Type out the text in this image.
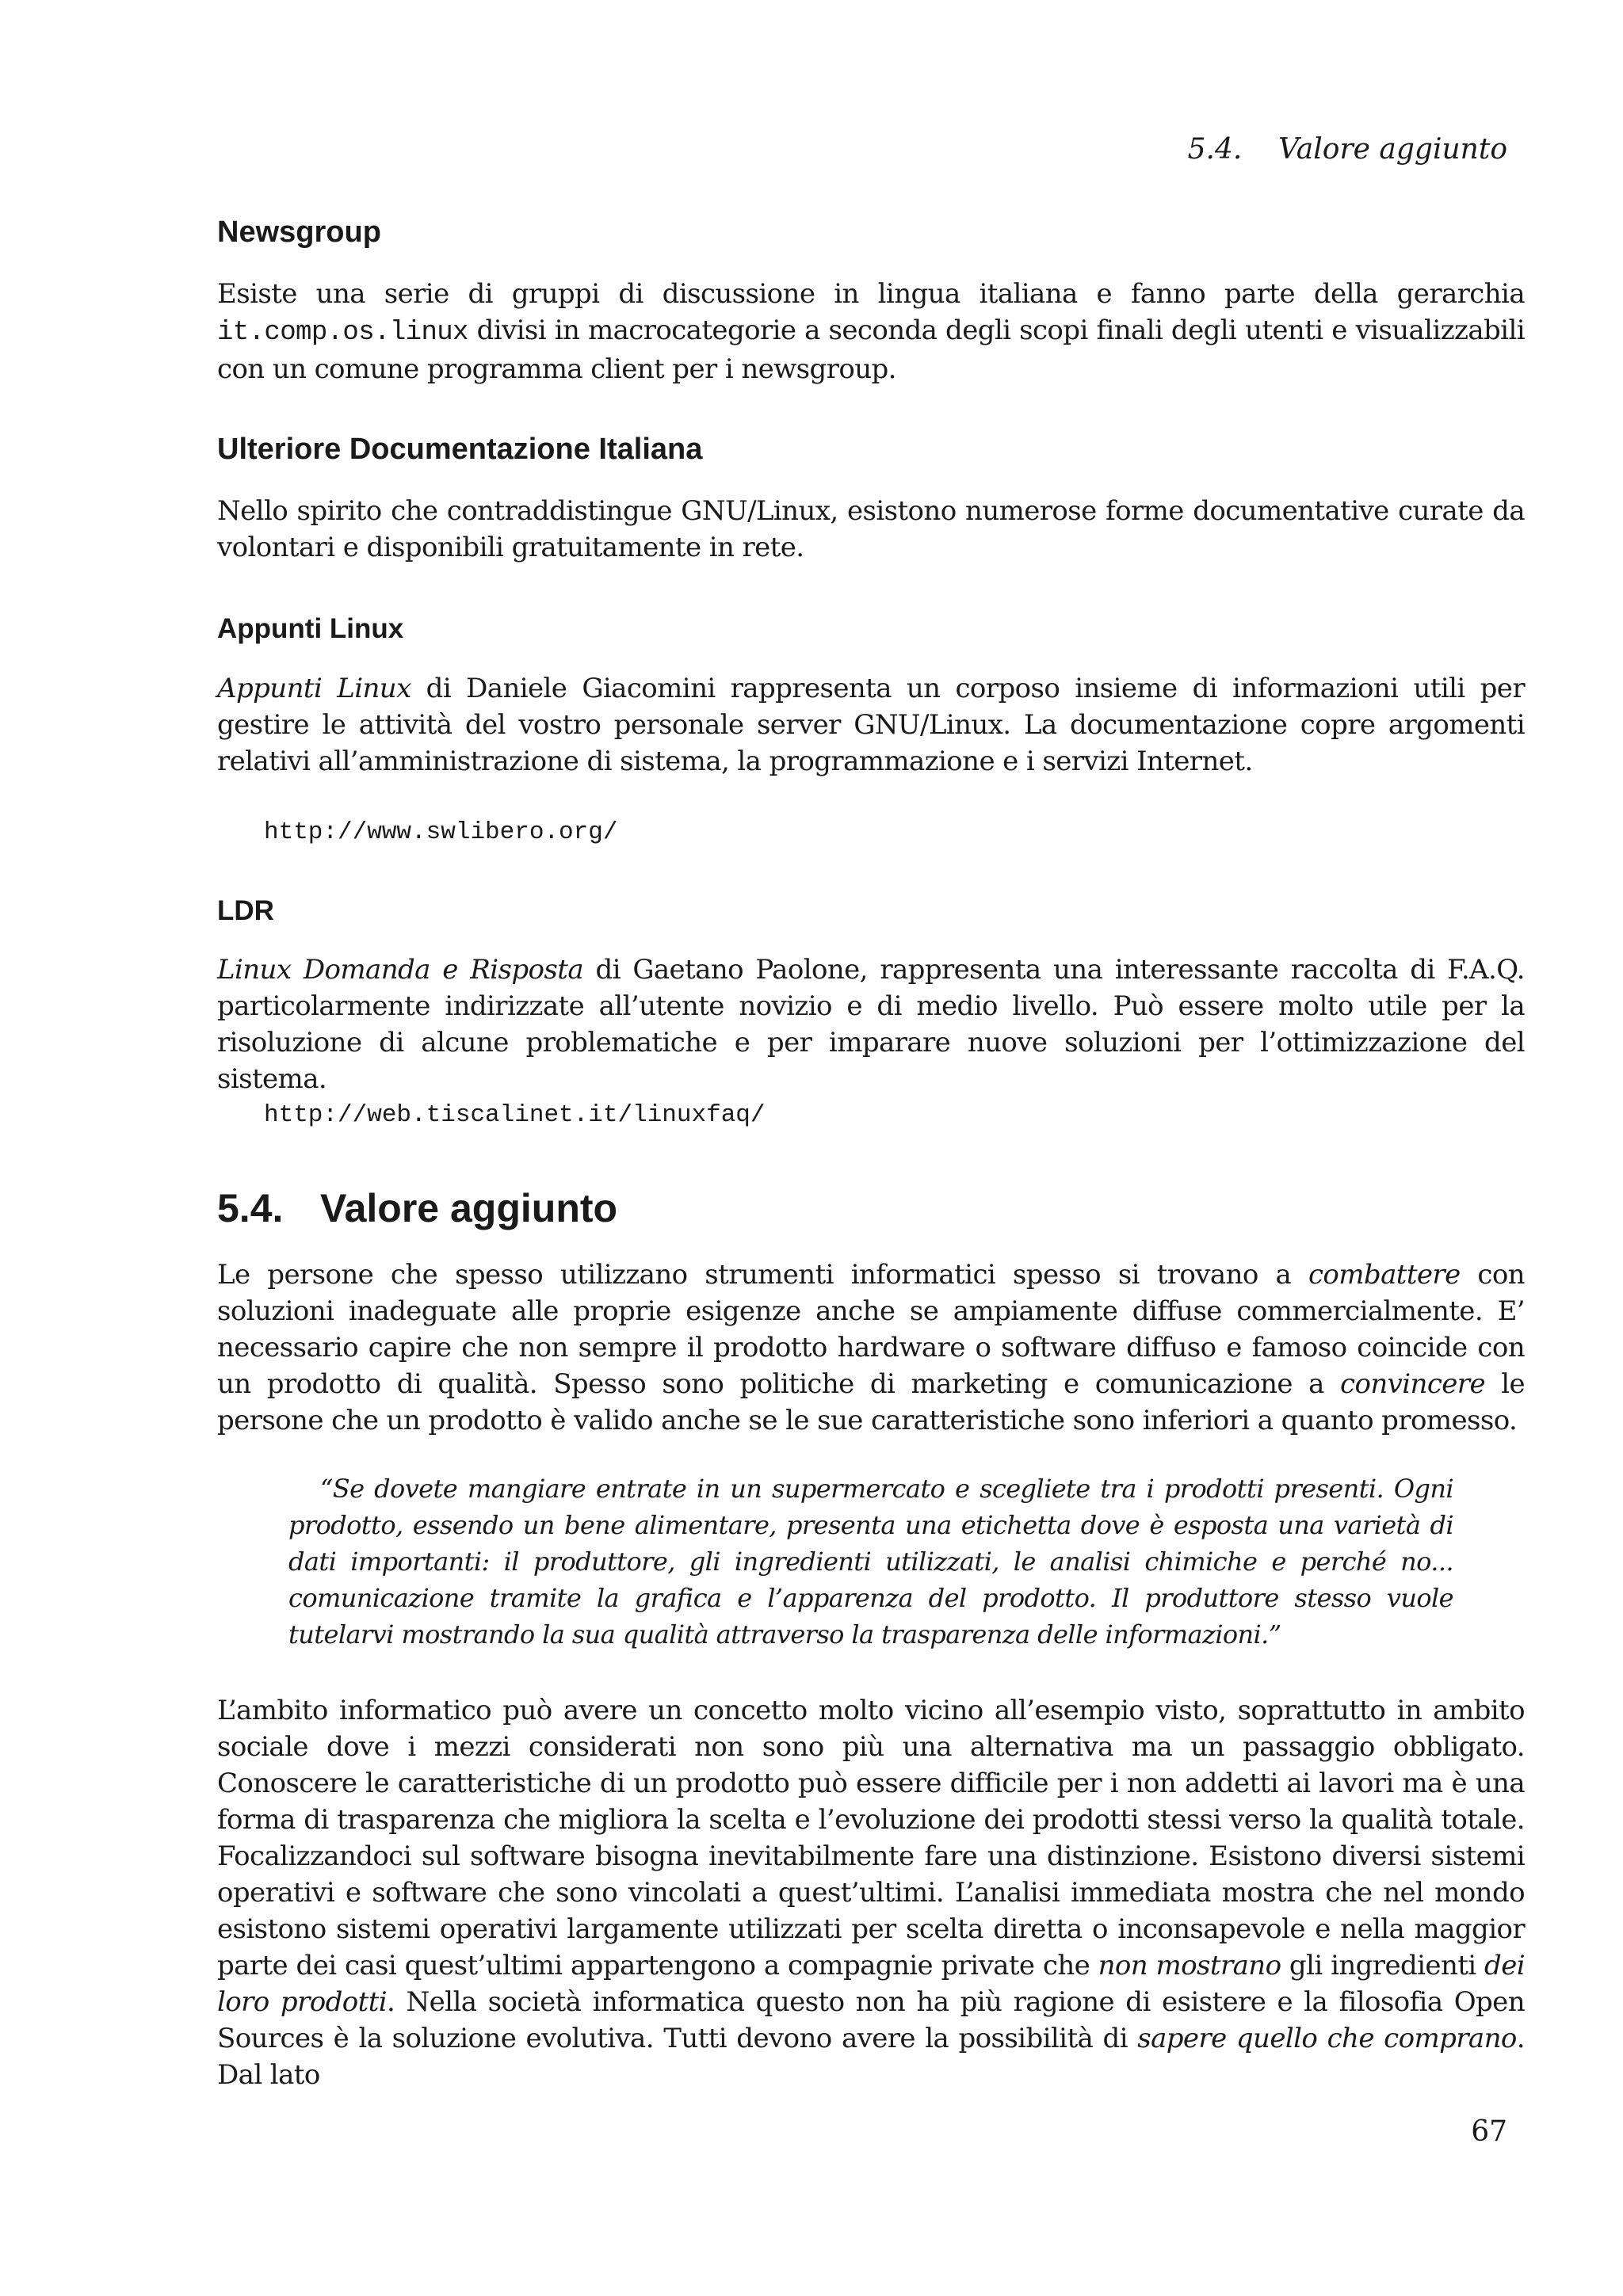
5.4. Valore aggiunto
Newsgroup

Esiste una serie di gruppi di discussione in lingua italiana e fanno parte della gerarchia it.comp.os.linux divisi in macrocategorie a seconda degli scopi finali degli utenti e visualizzabili con un comune programma client per i newsgroup.

Ulteriore Documentazione Italiana

Nello spirito che contraddistingue GNU/Linux, esistono numerose forme documentative curate da volontari e disponibili gratuitamente in rete.

Appunti Linux

Appunti Linux di Daniele Giacomini rappresenta un corposo insieme di informazioni utili per gestire le attività del vostro personale server GNU/Linux. La documentazione copre argomenti relativi all’amministrazione di sistema, la programmazione e i servizi Internet.

http://www.swlibero.org/
LDR

Linux Domanda e Risposta di Gaetano Paolone, rappresenta una interessante raccolta di F.A.Q. particolarmente indirizzate all’utente novizio e di medio livello. Può essere molto utile per la risoluzione di alcune problematiche e per imparare nuove soluzioni per l’ottimizzazione del sistema.

http://web.tiscalinet.it/linuxfaq/
5.4. Valore aggiunto

Le persone che spesso utilizzano strumenti informatici spesso si trovano a combattere con soluzioni inadeguate alle proprie esigenze anche se ampiamente diffuse commercialmente. E’ necessario capire che non sempre il prodotto hardware o software diffuso e famoso coincide con un prodotto di qualità. Spesso sono politiche di marketing e comunicazione a convincere le persone che un prodotto è valido anche se le sue caratteristiche sono inferiori a quanto promesso.

“Se dovete mangiare entrate in un supermercato e scegliete tra i prodotti presenti. Ogni prodotto, essendo un bene alimentare, presenta una etichetta dove è esposta una varietà di dati importanti: il produttore, gli ingredienti utilizzati, le analisi chimiche e perché no... comunicazione tramite la grafica e l’apparenza del prodotto. Il produttore stesso vuole tutelarvi mostrando la sua qualità attraverso la trasparenza delle informazioni.”

L’ambito informatico può avere un concetto molto vicino all’esempio visto, soprattutto in ambito sociale dove i mezzi considerati non sono più una alternativa ma un passaggio obbligato. Conoscere le caratteristiche di un prodotto può essere difficile per i non addetti ai lavori ma è una forma di trasparenza che migliora la scelta e l’evoluzione dei prodotti stessi verso la qualità totale. Focalizzandoci sul software bisogna inevitabilmente fare una distinzione. Esistono diversi sistemi operativi e software che sono vincolati a quest’ultimi. L’analisi immediata mostra che nel mondo esistono sistemi operativi largamente utilizzati per scelta diretta o inconsapevole e nella maggior parte dei casi quest’ultimi appartengono a compagnie private che non mostrano gli ingredienti dei loro prodotti. Nella società informatica questo non ha più ragione di esistere e la filosofia Open Sources è la soluzione evolutiva. Tutti devono avere la possibilità di sapere quello che comprano. Dal lato

67
